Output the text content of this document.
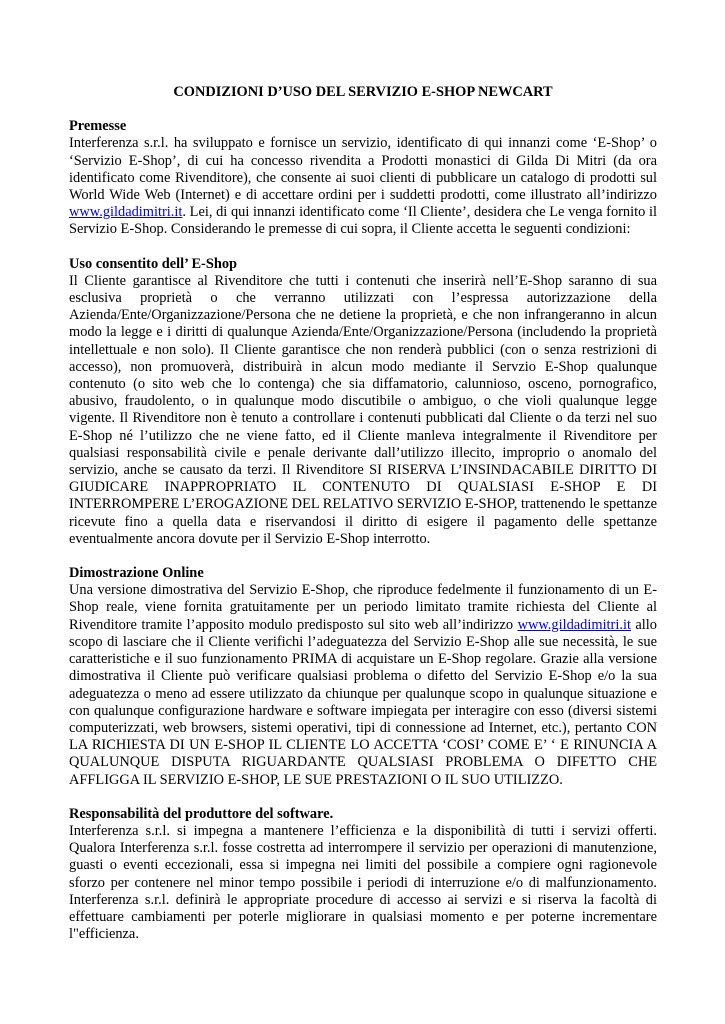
CONDIZIONI D’USO DEL SERVIZIO E-SHOP NEWCART
Premesse

Interferenza s.r.l. ha sviluppato e fornisce un servizio, identificato di qui innanzi come ‘E-Shop’ o ‘Servizio E-Shop’, di cui ha concesso rivendita a Prodotti monastici di Gilda Di Mitri (da ora identificato come Rivenditore), che consente ai suoi clienti di pubblicare un catalogo di prodotti sul World Wide Web (Internet) e di accettare ordini per i suddetti prodotti, come illustrato all’indirizzo www.gildadimitri.it. Lei, di qui innanzi identificato come ‘Il Cliente’, desidera che Le venga fornito il Servizio E-Shop. Considerando le premesse di cui sopra, il Cliente accetta le seguenti condizioni:

Uso consentito dell’ E-Shop

Il Cliente garantisce al Rivenditore che tutti i contenuti che inserirà nell’E-Shop saranno di sua esclusiva proprietà o che verranno utilizzati con l’espressa autorizzazione della Azienda/Ente/Organizzazione/Persona che ne detiene la proprietà, e che non infrangeranno in alcun modo la legge e i diritti di qualunque Azienda/Ente/Organizzazione/Persona (includendo la proprietà intellettuale e non solo). Il Cliente garantisce che non renderà pubblici (con o senza restrizioni di accesso), non promuoverà, distribuirà in alcun modo mediante il Servzio E-Shop qualunque contenuto (o sito web che lo contenga) che sia diffamatorio, calunnioso, osceno, pornografico, abusivo, fraudolento, o in qualunque modo discutibile o ambiguo, o che violi qualunque legge vigente. Il Rivenditore non è tenuto a controllare i contenuti pubblicati dal Cliente o da terzi nel suo E-Shop né l’utilizzo che ne viene fatto, ed il Cliente manleva integralmente il Rivenditore per qualsiasi responsabilità civile e penale derivante dall’utilizzo illecito, improprio o anomalo del servizio, anche se causato da terzi. Il Rivenditore SI RISERVA L’INSINDACABILE DIRITTO DI GIUDICARE INAPPROPRIATO IL CONTENUTO DI QUALSIASI E-SHOP E DI INTERROMPERE L’EROGAZIONE DEL RELATIVO SERVIZIO E-SHOP, trattenendo le spettanze ricevute fino a quella data e riservandosi il diritto di esigere il pagamento delle spettanze eventualmente ancora dovute per il Servizio E-Shop interrotto.

Dimostrazione Online

Una versione dimostrativa del Servizio E-Shop, che riproduce fedelmente il funzionamento di un E-Shop reale, viene fornita gratuitamente per un periodo limitato tramite richiesta del Cliente al Rivenditore tramite l’apposito modulo predisposto sul sito web all’indirizzo www.gildadimitri.it allo scopo di lasciare che il Cliente verifichi l’adeguatezza del Servizio E-Shop alle sue necessità, le sue caratteristiche e il suo funzionamento PRIMA di acquistare un E-Shop regolare. Grazie alla versione dimostrativa il Cliente può verificare qualsiasi problema o difetto del Servizio E-Shop e/o la sua adeguatezza o meno ad essere utilizzato da chiunque per qualunque scopo in qualunque situazione e con qualunque configurazione hardware e software impiegata per interagire con esso (diversi sistemi computerizzati, web browsers, sistemi operativi, tipi di connessione ad Internet, etc.), pertanto CON LA RICHIESTA DI UN E-SHOP IL CLIENTE LO ACCETTA ‘COSI’ COME E’ ‘ E RINUNCIA A QUALUNQUE DISPUTA RIGUARDANTE QUALSIASI PROBLEMA O DIFETTO CHE AFFLIGGA IL SERVIZIO E-SHOP, LE SUE PRESTAZIONI O IL SUO UTILIZZO.

Responsabilità del produttore del software.

Interferenza s.r.l. si impegna a mantenere l’efficienza e la disponibilità di tutti i servizi offerti. Qualora Interferenza s.r.l. fosse costretta ad interrompere il servizio per operazioni di manutenzione, guasti o eventi eccezionali, essa si impegna nei limiti del possibile a compiere ogni ragionevole sforzo per contenere nel minor tempo possibile i periodi di interruzione e/o di malfunzionamento. Interferenza s.r.l. definirà le appropriate procedure di accesso ai servizi e si riserva la facoltà di effettuare cambiamenti per poterle migliorare in qualsiasi momento e per poterne incrementare l"efficienza.
